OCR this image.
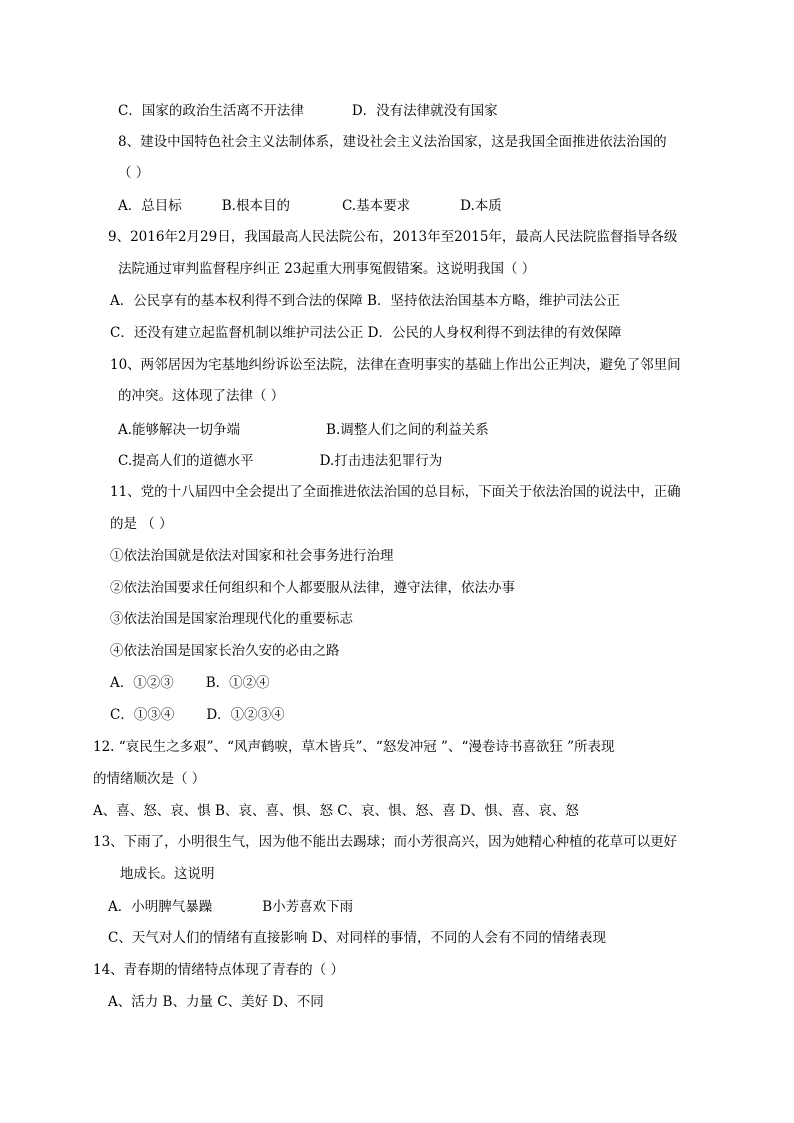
C．国家的政治生活离不开法律	D．没有法律就没有国家
8、建设中国特色社会主义法制体系，建设社会主义法治国家，这是我国全面推进依法治国的
（ ）
A．总目标	B.根本目的	C.基本要求	D.本质
9、2016年2月29日，我国最高人民法院公布，2013年至2015年，最高人民法院监督指导各级
法院通过审判监督程序纠正 23起重大刑事冤假错案。这说明我国（ ）
A．公民享有的基本权利得不到合法的保障 B．坚持依法治国基本方略，维护司法公正
C．还没有建立起监督机制以维护司法公正 D．公民的人身权利得不到法律的有效保障
10、两邻居因为宅基地纠纷诉讼至法院，法律在查明事实的基础上作出公正判决，避免了邻里间
的冲突。这体现了法律（ ）
A.能够解决一切争端	B.调整人们之间的利益关系
C.提高人们的道德水平	D.打击违法犯罪行为
11、党的十八届四中全会提出了全面推进依法治国的总目标，下面关于依法治国的说法中，正确
的是 （ ）
①依法治国就是依法对国家和社会事务进行治理
②依法治国要求任何组织和个人都要服从法律，遵守法律，依法办事
③依法治国是国家治理现代化的重要标志
④依法治国是国家长治久安的必由之路
A．①②③ B．①②④
C．①③④ D．①②③④
12. “哀民生之多艰”、“风声鹤唳，草木皆兵”、“怒发冲冠 ”、“漫卷诗书喜欲狂 ”所表现
的情绪顺次是（ ）
A、喜、怒、哀、惧 B、哀、喜、惧、怒 C、哀、惧、怒、喜 D、惧、喜、哀、怒
13、下雨了，小明很生气，因为他不能出去踢球；而小芳很高兴，因为她精心种植的花草可以更好
地成长。这说明
A．小明脾气暴躁	B小芳喜欢下雨
C、天气对人们的情绪有直接影响 D、对同样的事情，不同的人会有不同的情绪表现
14、青春期的情绪特点体现了青春的（ ）
A、活力 B、力量 C、美好 D、不同
